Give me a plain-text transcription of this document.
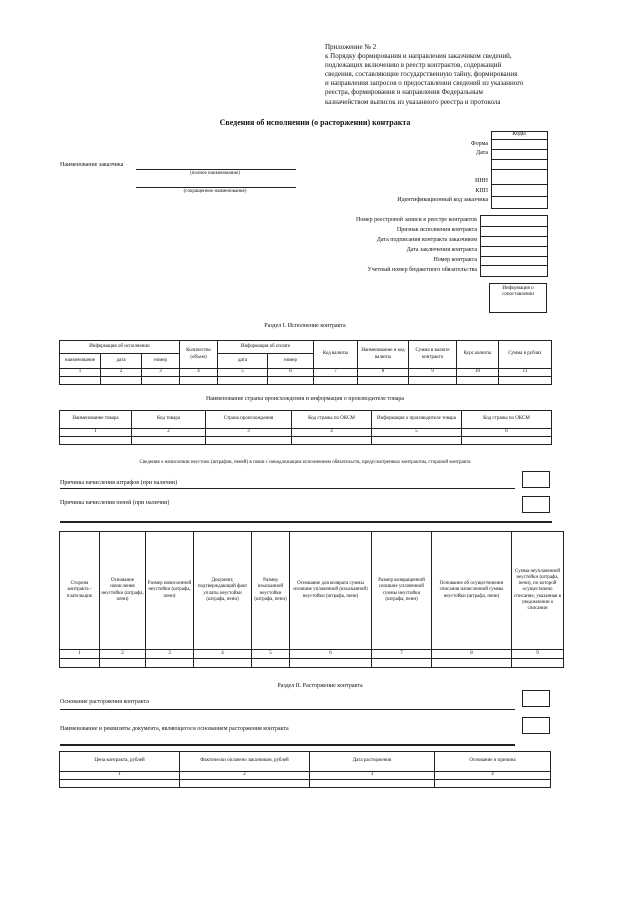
Приложение № 2
к Порядку формирования и направления заказчиком сведений,
подлежащих включению в реестр контрактов, содержащий
сведения, составляющие государственную тайну, формирования
и направления запросов о предоставлении сведений из указанного
реестра, формирования и направления Федеральным
казначейством выписок из указанного реестра и протокола
Сведения об исполнении (о расторжении) контракта
Коды
Форма
Дата
ИНН
КПП
Идентификационный код заказчика
Наименование заказчика
(полное наименование)
(сокращенное наименование)
Номер реестровой записи в реестре контрактов
Признак исполнения контракта
Дата подписания контракта заказчиком
Дата заключения контракта
Номер контракта
Учетный номер бюджетного обязательства
Информация о сопоставлении
Раздел I. Исполнение контракта
Информация об исполнении			Количество (объем)	Информация об оплате		Код валюты	Наименование и код валюты	Сумма в валюте контракта	Курс валюты	Сумма в рублях
наименование	дата	номер		дата	номер					
1	2	3	4	5	6	7	8	9	10	11

Наименование страны происхождения и информация о производителе товара
Наименование товара	Код товара	Страна происхождения	Код страны по ОКСМ	Информация о производителе товара	Код страны по ОКСМ
1	2	3	4	5	6

Сведения о начислении неустоек (штрафов, пеней) в связи с ненадлежащим исполнением обязательств, предусмотренных контрактом, стороной контракта
Причины начисления штрафов (при наличии)
Причины начисления пеней (при наличии)
Сторона контракта - плательщик	Основание начисления неустойки (штрафа, пени)	Размер начисленной неустойки (штрафа, пени)	Документ, подтверждающий факт уплаты неустойки (штрафа, пени)	Размер взысканной неустойки (штрафа, пени)	Основание для возврата суммы излишне уплаченной (взысканной) неустойки (штрафа, пени)	Размер возвращенной излишне уплаченной суммы неустойки (штрафа, пени)	Основание об осуществлении списания начисленной суммы неустойки (штрафа, пени)	Сумма неуплаченной неустойки (штрафа, пени), по которой осуществлено списание, указанная в уведомлении о списании
1	2	3	4	5	6	7	8	9

Раздел II. Расторжение контракта
Основание расторжения контракта
Наименование и реквизиты документа, являющегося основанием расторжения контракта
Цена контракта, рублей	Фактически оплачено заказчиком, рублей	Дата расторжения	Основание и причина
1	2	3	4
